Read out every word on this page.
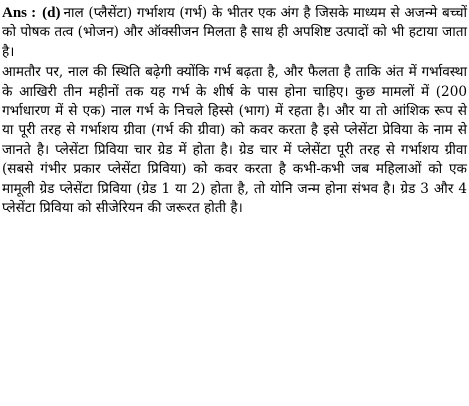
Ans : (d) नाल (प्लैसेंटा) गर्भाशय (गर्भ) के भीतर एक अंग है जिसके माध्यम से अजन्मे बच्चों को पोषक तत्व (भोजन) और ऑक्सीजन मिलता है साथ ही अपशिष्ट उत्पादों को भी हटाया जाता है।

आमतौर पर, नाल की स्थिति बढ़ेगी क्योंकि गर्भ बढ़ता है, और फैलता है ताकि अंत में गर्भावस्था के आखिरी तीन महीनों तक यह गर्भ के शीर्ष के पास होना चाहिए। कुछ मामलों में (200 गर्भाधारण में से एक) नाल गर्भ के निचले हिस्से (भाग) में रहता है। और या तो आंशिक रूप से या पूरी तरह से गर्भाशय ग्रीवा (गर्भ की ग्रीवा) को कवर करता है इसे प्लेसेंटा प्रेविया के नाम से जानते है। प्लेसेंटा प्रिविया चार ग्रेड में होता है। ग्रेड चार में प्लेसेंटा पूरी तरह से गर्भाशय ग्रीवा (सबसे गंभीर प्रकार प्लेसेंटा प्रिविया) को कवर करता है कभी-कभी जब महिलाओं को एक मामूली ग्रेड प्लेसेंटा प्रिविया (ग्रेड 1 या 2) होता है, तो योनि जन्म होना संभव है। ग्रेड 3 और 4 प्लेसेंटा प्रिविया को सीजेरियन की जरूरत होती है।
